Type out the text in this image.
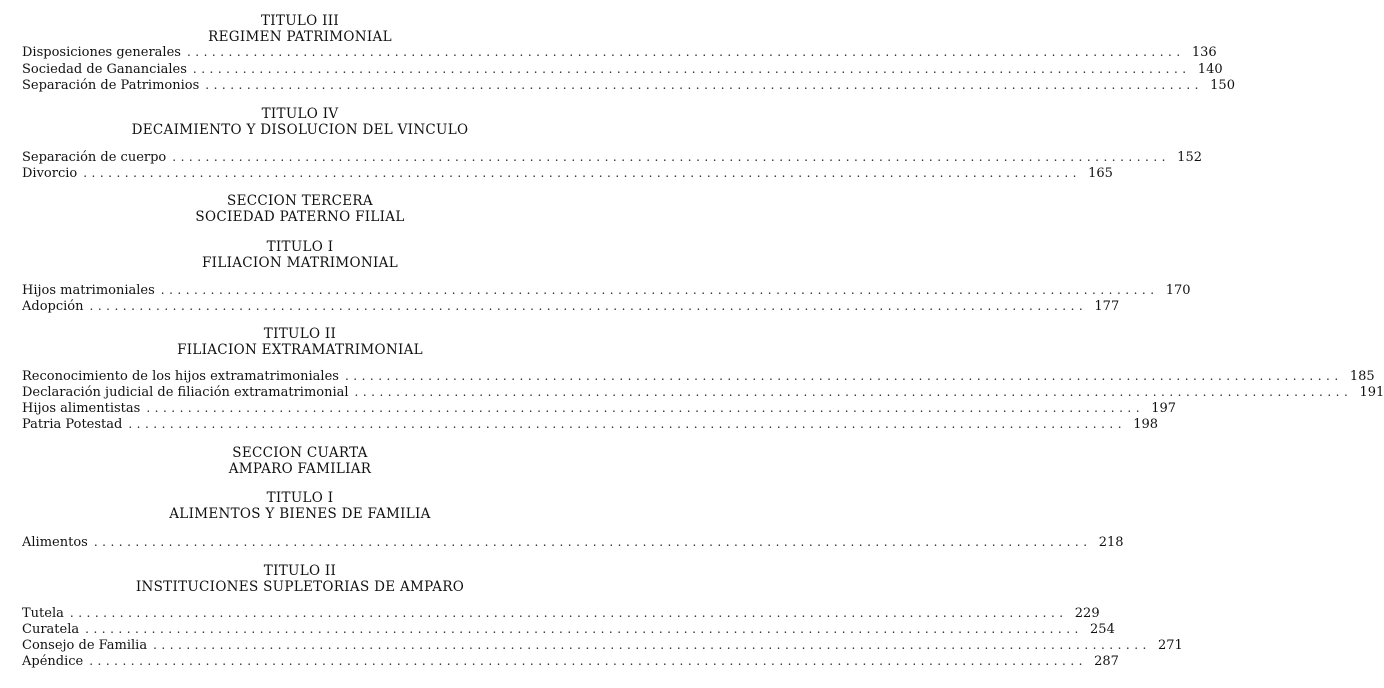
TITULO III
REGIMEN PATRIMONIAL
Disposiciones generales ........................................................................................................................ 136
Sociedad de Gananciales ........................................................................................................................ 140
Separación de Patrimonios ........................................................................................................................ 150
TITULO IV
DECAIMIENTO Y DISOLUCION DEL VINCULO
Separación de cuerpo ........................................................................................................................ 152
Divorcio ........................................................................................................................ 165
SECCION TERCERA
SOCIEDAD PATERNO FILIAL
TITULO I
FILIACION MATRIMONIAL
Hijos matrimoniales ........................................................................................................................ 170
Adopción ........................................................................................................................ 177
TITULO II
FILIACION EXTRAMATRIMONIAL
Reconocimiento de los hijos extramatrimoniales ........................................................................................................................ 185
Declaración judicial de filiación extramatrimonial ........................................................................................................................ 191
Hijos alimentistas ........................................................................................................................ 197
Patria Potestad ........................................................................................................................ 198
SECCION CUARTA
AMPARO FAMILIAR
TITULO I
ALIMENTOS Y BIENES DE FAMILIA
Alimentos ........................................................................................................................ 218
TITULO II
INSTITUCIONES SUPLETORIAS DE AMPARO
Tutela ........................................................................................................................ 229
Curatela ........................................................................................................................ 254
Consejo de Familia ........................................................................................................................ 271
Apéndice ........................................................................................................................ 287
